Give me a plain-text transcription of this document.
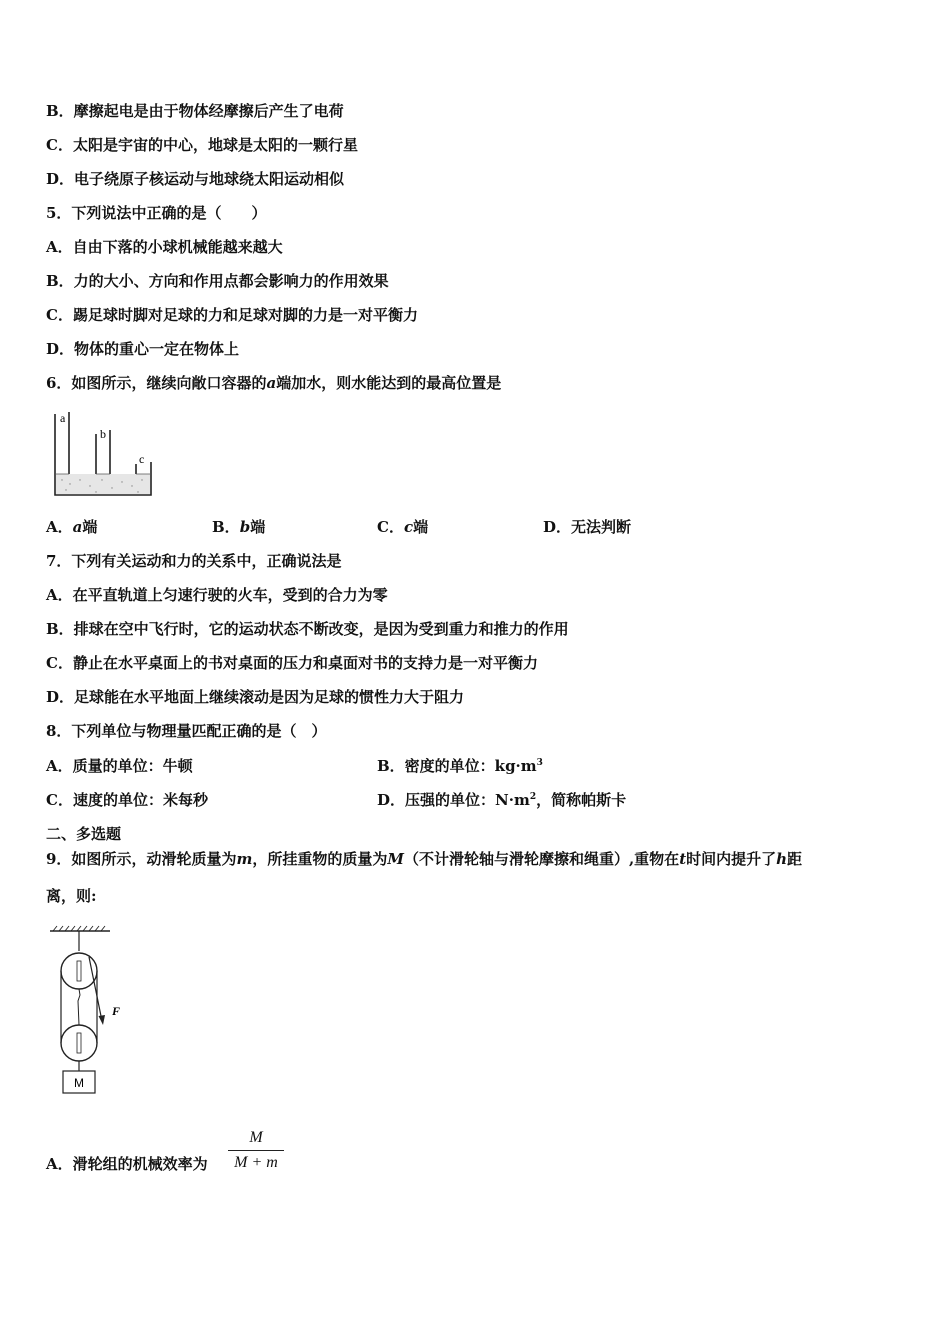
B．摩擦起电是由于物体经摩擦后产生了电荷
C．太阳是宇宙的中心，地球是太阳的一颗行星
D．电子绕原子核运动与地球绕太阳运动相似
5．下列说法中正确的是（　　）
A．自由下落的小球机械能越来越大
B．力的大小、方向和作用点都会影响力的作用效果
C．踢足球时脚对足球的力和足球对脚的力是一对平衡力
D．物体的重心一定在物体上
6．如图所示，继续向敞口容器的a端加水，则水能达到的最高位置是
a
b
c
A．a端	B．b端	C．c端	D．无法判断
7．下列有关运动和力的关系中，正确说法是
A．在平直轨道上匀速行驶的火车，受到的合力为零
B．排球在空中飞行时，它的运动状态不断改变，是因为受到重力和推力的作用
C．静止在水平桌面上的书对桌面的压力和桌面对书的支持力是一对平衡力
D．足球能在水平地面上继续滚动是因为足球的惯性力大于阻力
8．下列单位与物理量匹配正确的是（　）
A．质量的单位：牛顿	B．密度的单位：$kg\cdot m^3$
C．速度的单位：米每秒	D．压强的单位：$N\cdot m^2$，简称帕斯卡
二、多选题
9．如图所示，动滑轮质量为m，所挂重物的质量为M（不计滑轮轴与滑轮摩擦和绳重）,重物在t时间内提升了h距
离，则:
F
M
A．滑轮组的机械效率为
M
M + m
